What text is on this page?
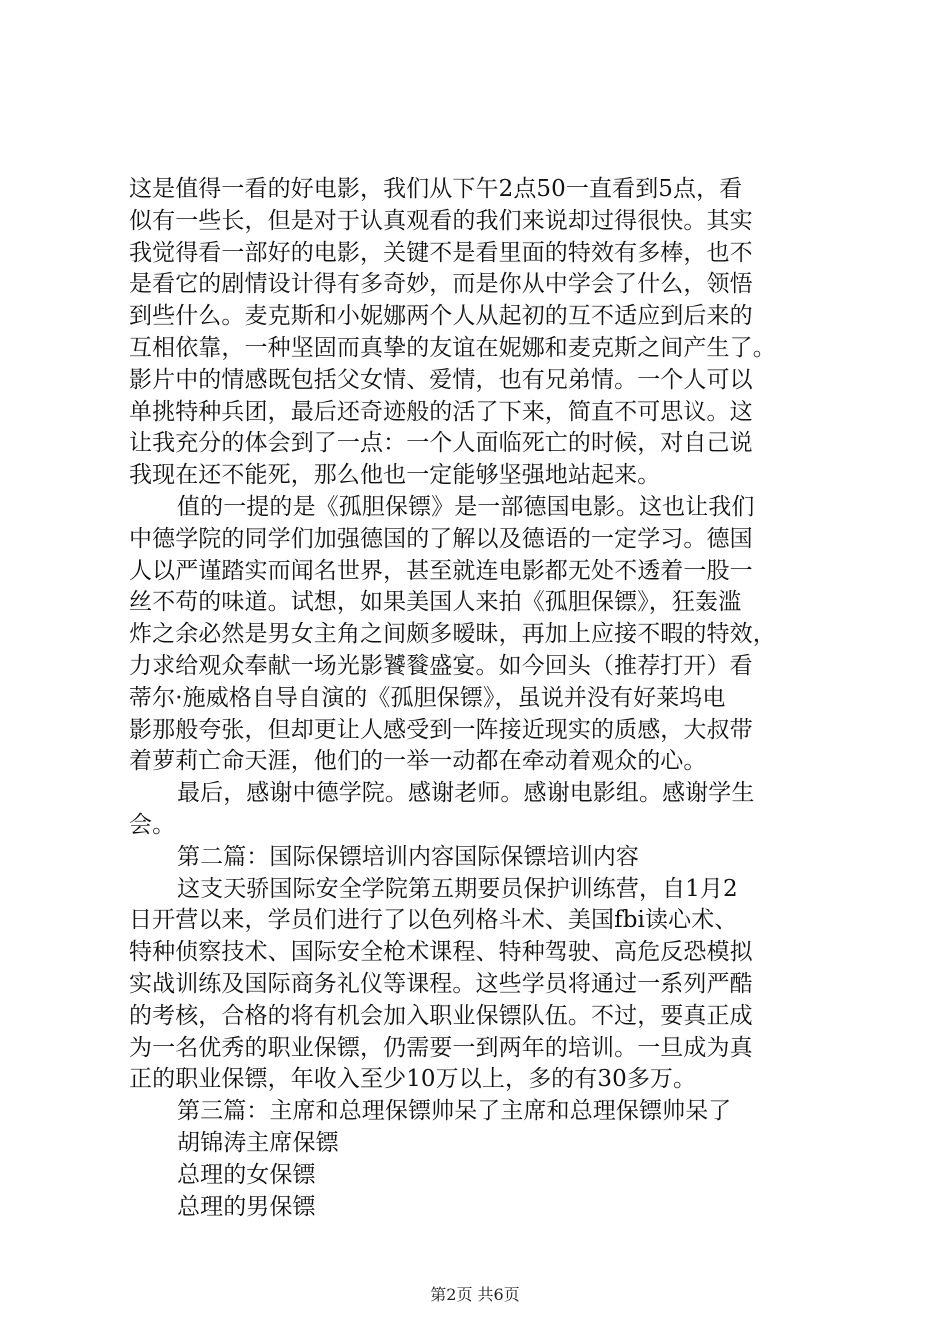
这是值得一看的好电影，我们从下午2点50一直看到5点，看
似有一些长，但是对于认真观看的我们来说却过得很快。其实
我觉得看一部好的电影，关键不是看里面的特效有多棒，也不
是看它的剧情设计得有多奇妙，而是你从中学会了什么，领悟
到些什么。麦克斯和小妮娜两个人从起初的互不适应到后来的
互相依靠，一种坚固而真挚的友谊在妮娜和麦克斯之间产生了。
影片中的情感既包括父女情、爱情，也有兄弟情。一个人可以
单挑特种兵团，最后还奇迹般的活了下来，简直不可思议。这
让我充分的体会到了一点：一个人面临死亡的时候，对自己说
我现在还不能死，那么他也一定能够坚强地站起来。
值的一提的是《孤胆保镖》是一部德国电影。这也让我们
中德学院的同学们加强德国的了解以及德语的一定学习。德国
人以严谨踏实而闻名世界，甚至就连电影都无处不透着一股一
丝不苟的味道。试想，如果美国人来拍《孤胆保镖》，狂轰滥
炸之余必然是男女主角之间颇多暧昧，再加上应接不暇的特效，
力求给观众奉献一场光影饕餮盛宴。如今回头（推荐打开）看
蒂尔·施威格自导自演的《孤胆保镖》，虽说并没有好莱坞电
影那般夸张，但却更让人感受到一阵接近现实的质感，大叔带
着萝莉亡命天涯，他们的一举一动都在牵动着观众的心。
最后，感谢中德学院。感谢老师。感谢电影组。感谢学生
会。
第二篇：国际保镖培训内容国际保镖培训内容
这支天骄国际安全学院第五期要员保护训练营，自1月2
日开营以来，学员们进行了以色列格斗术、美国fbi读心术、
特种侦察技术、国际安全枪术课程、特种驾驶、高危反恐模拟
实战训练及国际商务礼仪等课程。这些学员将通过一系列严酷
的考核，合格的将有机会加入职业保镖队伍。不过，要真正成
为一名优秀的职业保镖，仍需要一到两年的培训。一旦成为真
正的职业保镖，年收入至少10万以上，多的有30多万。
第三篇：主席和总理保镖帅呆了主席和总理保镖帅呆了
胡锦涛主席保镖
总理的女保镖
总理的男保镖
第2页 共6页
